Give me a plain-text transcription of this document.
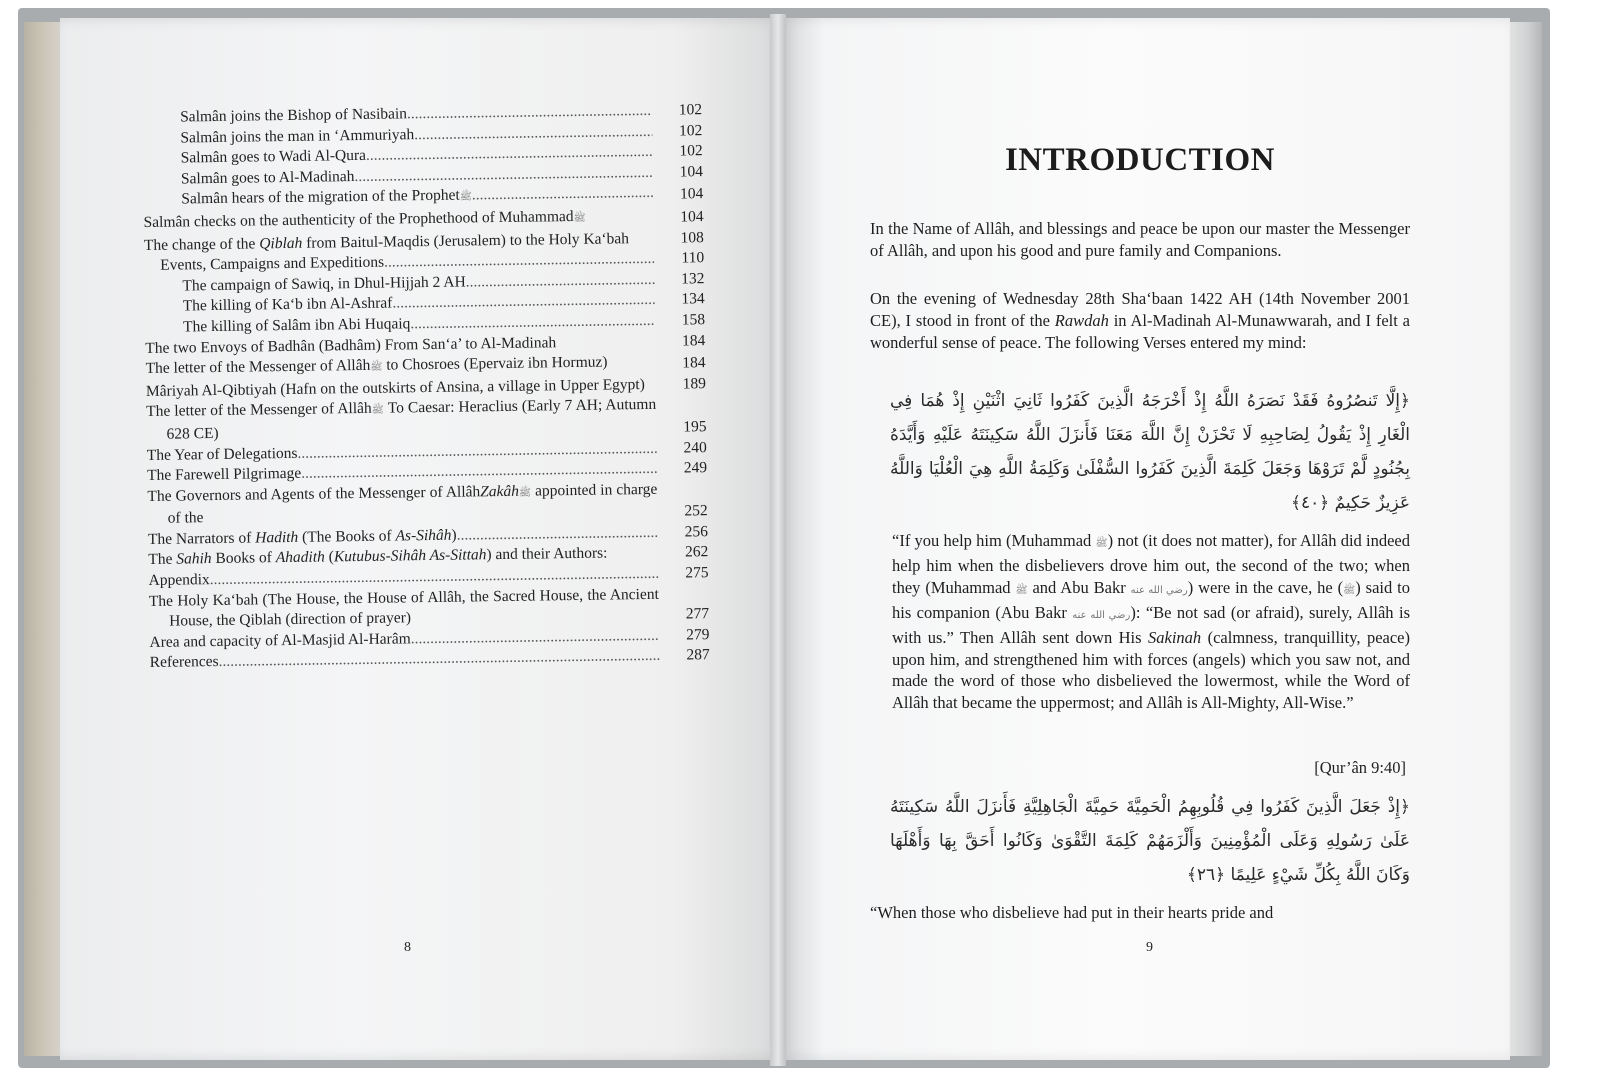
Salmân joins the Bishop of Nasibain .....	102
Salmân joins the man in ‘Ammuriyah .....	102
Salmân goes to Wadi Al-Qura .....	102
Salmân goes to Al-Madinah .....	104
Salmân hears of the migration of the Prophetﷺ .....	104
Salmân checks on the authenticity of the Prophethood of Muhammadﷺ	104
The change of the Qiblah from Baitul-Maqdis (Jerusalem) to the Holy Ka‘bah	108
Events, Campaigns and Expeditions .....	110
The campaign of Sawiq, in Dhul-Hijjah 2 AH .....	132
The killing of Ka‘b ibn Al-Ashraf .....	134
The killing of Salâm ibn Abi Huqaiq .....	158
The two Envoys of Badhân (Badhâm) From San‘a’ to Al-Madinah	184
The letter of the Messenger of Allâhﷺ to Chosroes (Epervaiz ibn Hormuz)	184
Mâriyah Al-Qibtiyah (Hafn on the outskirts of Ansina, a village in Upper Egypt)	189
The letter of the Messenger of Allâhﷺ To Caesar: Heraclius (Early 7 AH; Autumn 628 CE)	195
The Year of Delegations .....	240
The Farewell Pilgrimage .....	249
The Governors and Agents of the Messenger of AllâhZakâhﷺ appointed in charge of the	252
The Narrators of Hadith (The Books of As-Sihâh) .....	256
The Sahih Books of Ahadith (Kutubus-Sihâh As-Sittah) and their Authors:	262
Appendix .....	275
The Holy Ka‘bah (The House, the House of Allâh, the Sacred House, the Ancient House, the Qiblah (direction of prayer)	277
Area and capacity of Al-Masjid Al-Harâm .....	279
References .....	287
8
INTRODUCTION
In the Name of Allâh, and blessings and peace be upon our master the Messenger of Allâh, and upon his good and pure family and Companions.
On the evening of Wednesday 28th Sha‘baan 1422 AH (14th November 2001 CE), I stood in front of the Rawdah in Al-Madinah Al-Munawwarah, and I felt a wonderful sense of peace. The following Verses entered my mind:
﴿إِلَّا تَنصُرُوهُ فَقَدْ نَصَرَهُ اللَّهُ إِذْ أَخْرَجَهُ الَّذِينَ كَفَرُوا ثَانِيَ اثْنَيْنِ إِذْ هُمَا فِي الْغَارِ إِذْ يَقُولُ لِصَاحِبِهِ لَا تَحْزَنْ إِنَّ اللَّهَ مَعَنَا فَأَنزَلَ اللَّهُ سَكِينَتَهُ عَلَيْهِ وَأَيَّدَهُ بِجُنُودٍ لَّمْ تَرَوْهَا وَجَعَلَ كَلِمَةَ الَّذِينَ كَفَرُوا السُّفْلَىٰ وَكَلِمَةُ اللَّهِ هِيَ الْعُلْيَا وَاللَّهُ عَزِيزٌ حَكِيمٌ ﴿٤٠﴾
“If you help him (Muhammad ﷺ) not (it does not matter), for Allâh did indeed help him when the disbelievers drove him out, the second of the two; when they (Muhammad ﷺ and Abu Bakr رضي الله عنه) were in the cave, he (ﷺ) said to his companion (Abu Bakr رضي الله عنه): “Be not sad (or afraid), surely, Allâh is with us.” Then Allâh sent down His Sakinah (calmness, tranquillity, peace) upon him, and strengthened him with forces (angels) which you saw not, and made the word of those who disbelieved the lowermost, while the Word of Allâh that became the uppermost; and Allâh is All-Mighty, All-Wise.”
[Qur’ân 9:40]
﴿إِذْ جَعَلَ الَّذِينَ كَفَرُوا فِي قُلُوبِهِمُ الْحَمِيَّةَ حَمِيَّةَ الْجَاهِلِيَّةِ فَأَنزَلَ اللَّهُ سَكِينَتَهُ عَلَىٰ رَسُولِهِ وَعَلَى الْمُؤْمِنِينَ وَأَلْزَمَهُمْ كَلِمَةَ التَّقْوَىٰ وَكَانُوا أَحَقَّ بِهَا وَأَهْلَهَا وَكَانَ اللَّهُ بِكُلِّ شَيْءٍ عَلِيمًا ﴿٢٦﴾
“When those who disbelieve had put in their hearts pride and
9
